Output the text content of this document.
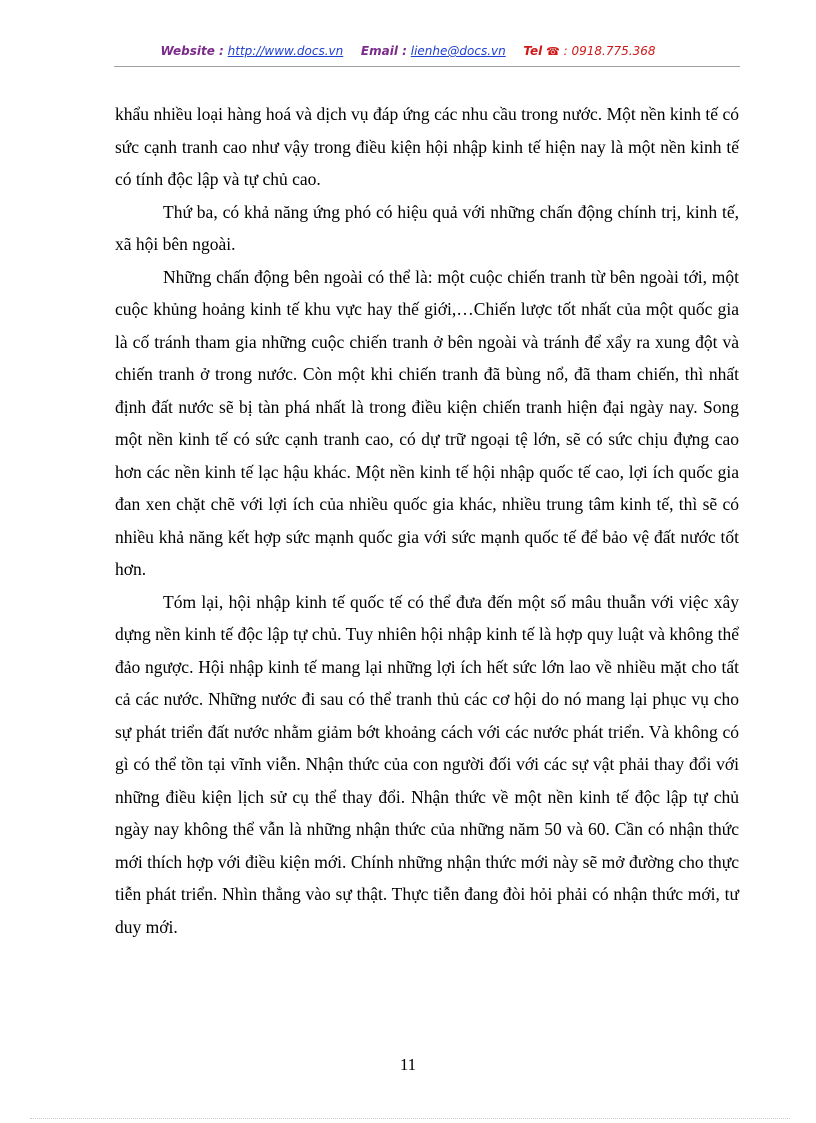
Website : http://www.docs.vn Email : lienhe@docs.vn Tel ☎ : 0918.775.368

khẩu nhiều loại hàng hoá và dịch vụ đáp ứng các nhu cầu trong nước. Một nền kinh tế có sức cạnh tranh cao như vậy trong điều kiện hội nhập kinh tế hiện nay là một nền kinh tế có tính độc lập và tự chủ cao.

Thứ ba, có khả năng ứng phó có hiệu quả với những chấn động chính trị, kinh tế, xã hội bên ngoài.

Những chấn động bên ngoài có thể là: một cuộc chiến tranh từ bên ngoài tới, một cuộc khủng hoảng kinh tế khu vực hay thế giới,…Chiến lược tốt nhất của một quốc gia là cố tránh tham gia những cuộc chiến tranh ở bên ngoài và tránh để xẩy ra xung đột và chiến tranh ở trong nước. Còn một khi chiến tranh đã bùng nổ, đã tham chiến, thì nhất định đất nước sẽ bị tàn phá nhất là trong điều kiện chiến tranh hiện đại ngày nay. Song một nền kinh tế có sức cạnh tranh cao, có dự trữ ngoại tệ lớn, sẽ có sức chịu đựng cao hơn các nền kinh tế lạc hậu khác. Một nền kinh tế hội nhập quốc tế cao, lợi ích quốc gia đan xen chặt chẽ với lợi ích của nhiều quốc gia khác, nhiều trung tâm kinh tế, thì sẽ có nhiều khả năng kết hợp sức mạnh quốc gia với sức mạnh quốc tế để bảo vệ đất nước tốt hơn.

Tóm lại, hội nhập kinh tế quốc tế có thể đưa đến một số mâu thuẫn với việc xây dựng nền kinh tế độc lập tự chủ. Tuy nhiên hội nhập kinh tế là hợp quy luật và không thể đảo ngược. Hội nhập kinh tế mang lại những lợi ích hết sức lớn lao về nhiều mặt cho tất cả các nước. Những nước đi sau có thể tranh thủ các cơ hội do nó mang lại phục vụ cho sự phát triển đất nước nhằm giảm bớt khoảng cách với các nước phát triển. Và không có gì có thể tồn tại vĩnh viễn. Nhận thức của con người đối với các sự vật phải thay đổi với những điều kiện lịch sử cụ thể thay đổi. Nhận thức về một nền kinh tế độc lập tự chủ ngày nay không thể vẫn là những nhận thức của những năm 50 và 60. Cần có nhận thức mới thích hợp với điều kiện mới. Chính những nhận thức mới này sẽ mở đường cho thực tiễn phát triển. Nhìn thẳng vào sự thật. Thực tiễn đang đòi hỏi phải có nhận thức mới, tư duy mới.

11
